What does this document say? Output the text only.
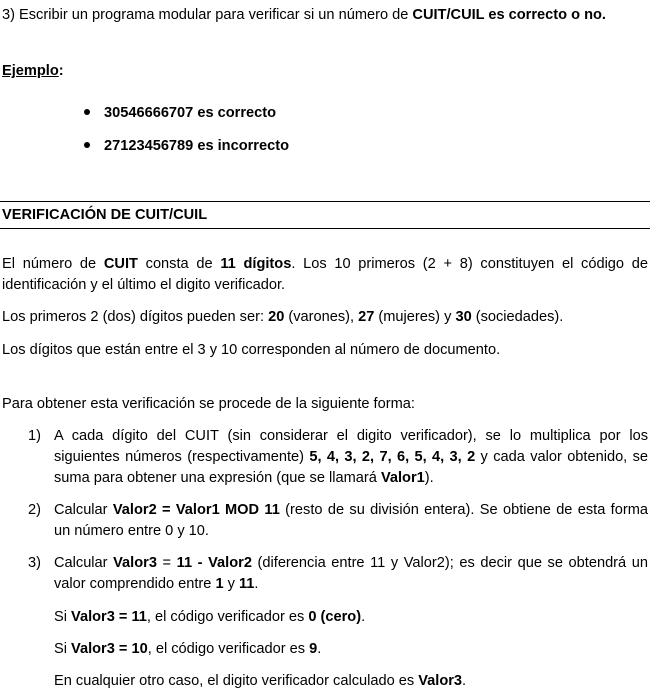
3) Escribir un programa modular para verificar si un número de CUIT/CUIL es correcto o no.
Ejemplo:
30546666707 es correcto
27123456789 es incorrecto
VERIFICACIÓN DE CUIT/CUIL
El número de CUIT consta de 11 dígitos. Los 10 primeros (2 + 8) constituyen el código de identificación y el último el digito verificador.
Los primeros 2 (dos) dígitos pueden ser: 20 (varones), 27 (mujeres) y 30 (sociedades).
Los dígitos que están entre el 3 y 10 corresponden al número de documento.
Para obtener esta verificación se procede de la siguiente forma:
1) A cada dígito del CUIT (sin considerar el digito verificador), se lo multiplica por los siguientes números (respectivamente) 5, 4, 3, 2, 7, 6, 5, 4, 3, 2 y cada valor obtenido, se suma para obtener una expresión (que se llamará Valor1).
2) Calcular Valor2 = Valor1 MOD 11 (resto de su división entera). Se obtiene de esta forma un número entre 0 y 10.
3) Calcular Valor3 = 11 - Valor2 (diferencia entre 11 y Valor2); es decir que se obtendrá un valor comprendido entre 1 y 11.
Si Valor3 = 11, el código verificador es 0 (cero).
Si Valor3 = 10, el código verificador es 9.
En cualquier otro caso, el digito verificador calculado es Valor3.
